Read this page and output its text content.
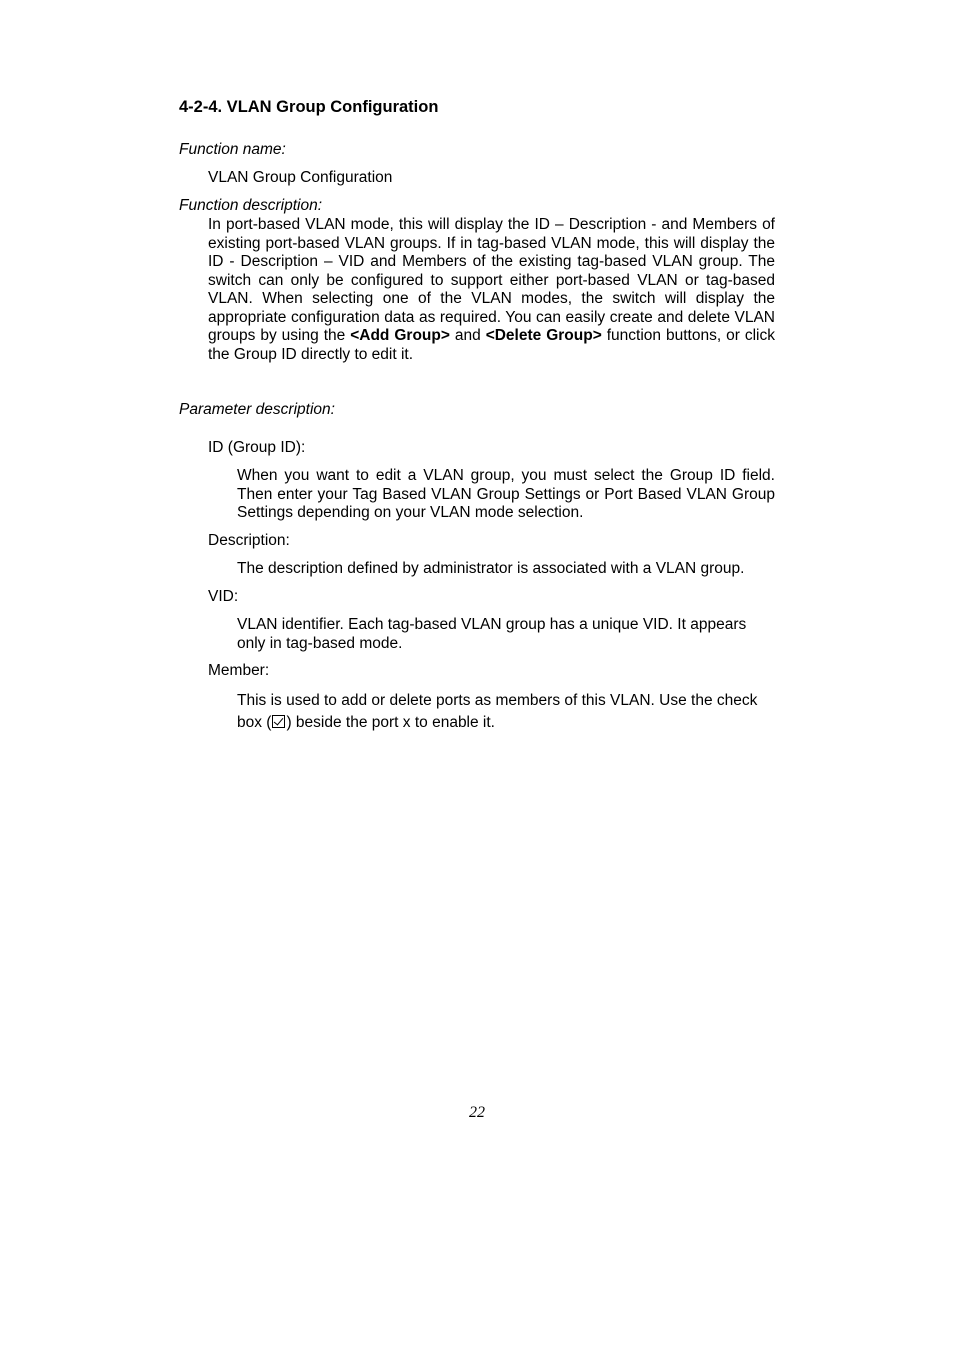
4-2-4. VLAN Group Configuration
Function name:
VLAN Group Configuration
Function description:

In port-based VLAN mode, this will display the ID – Description - and Members of existing port-based VLAN groups. If in tag-based VLAN mode, this will display the ID - Description – VID and Members of the existing tag-based VLAN group. The switch can only be configured to support either port-based VLAN or tag-based VLAN. When selecting one of the VLAN modes, the switch will display the appropriate configuration data as required. You can easily create and delete VLAN groups by using the <Add Group> and <Delete Group> function buttons, or click the Group ID directly to edit it.

Parameter description:
ID (Group ID):

When you want to edit a VLAN group, you must select the Group ID field. Then enter your Tag Based VLAN Group Settings or Port Based VLAN Group Settings depending on your VLAN mode selection.

Description:

The description defined by administrator is associated with a VLAN group.

VID:

VLAN identifier. Each tag-based VLAN group has a unique VID. It appears only in tag-based mode.

Member:

This is used to add or delete ports as members of this VLAN. Use the check box ( ) beside the port x to enable it.

22
